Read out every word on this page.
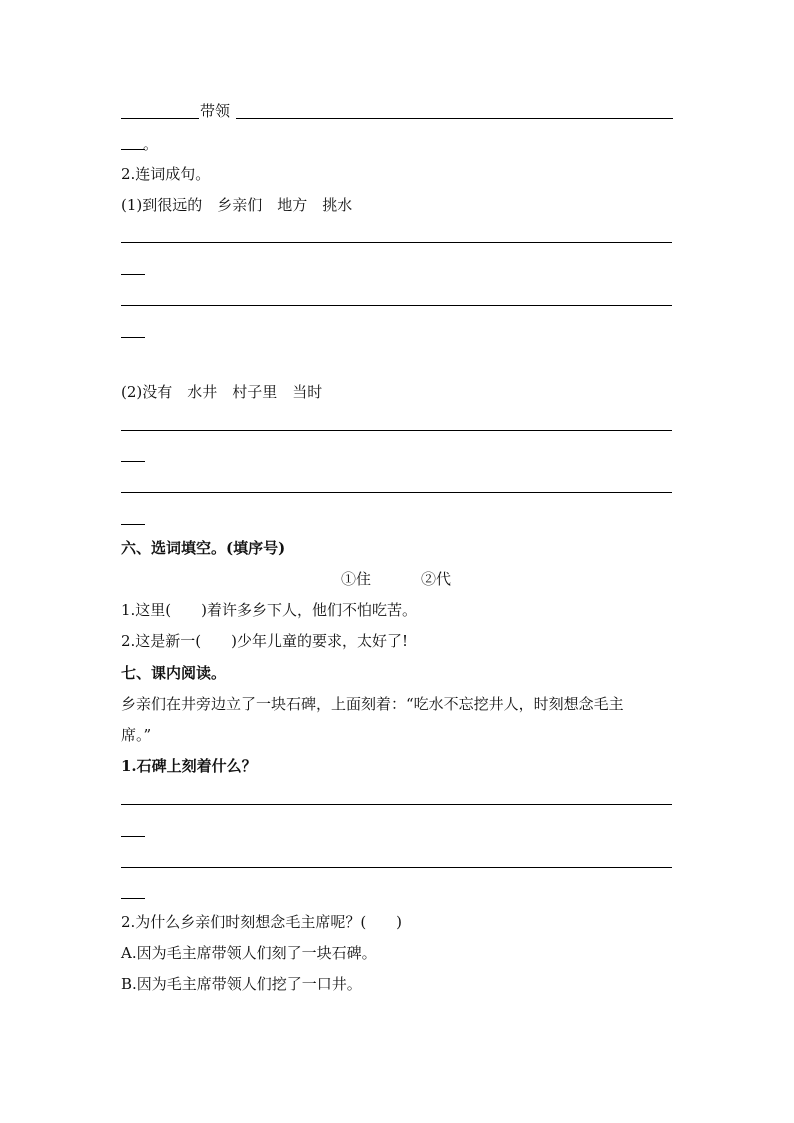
带领
。
2.连词成句。
(1)到很远的　乡亲们　地方　挑水
(2)没有　水井　村子里　当时
六、选词填空。(填序号)
①住	②代
1.这里(　　)着许多乡下人，他们不怕吃苦。
2.这是新一(　　)少年儿童的要求，太好了!
七、课内阅读。
乡亲们在井旁边立了一块石碑，上面刻着：“吃水不忘挖井人，时刻想念毛主
席。”
1.石碑上刻着什么？
2.为什么乡亲们时刻想念毛主席呢？(　　)
A.因为毛主席带领人们刻了一块石碑。
B.因为毛主席带领人们挖了一口井。
